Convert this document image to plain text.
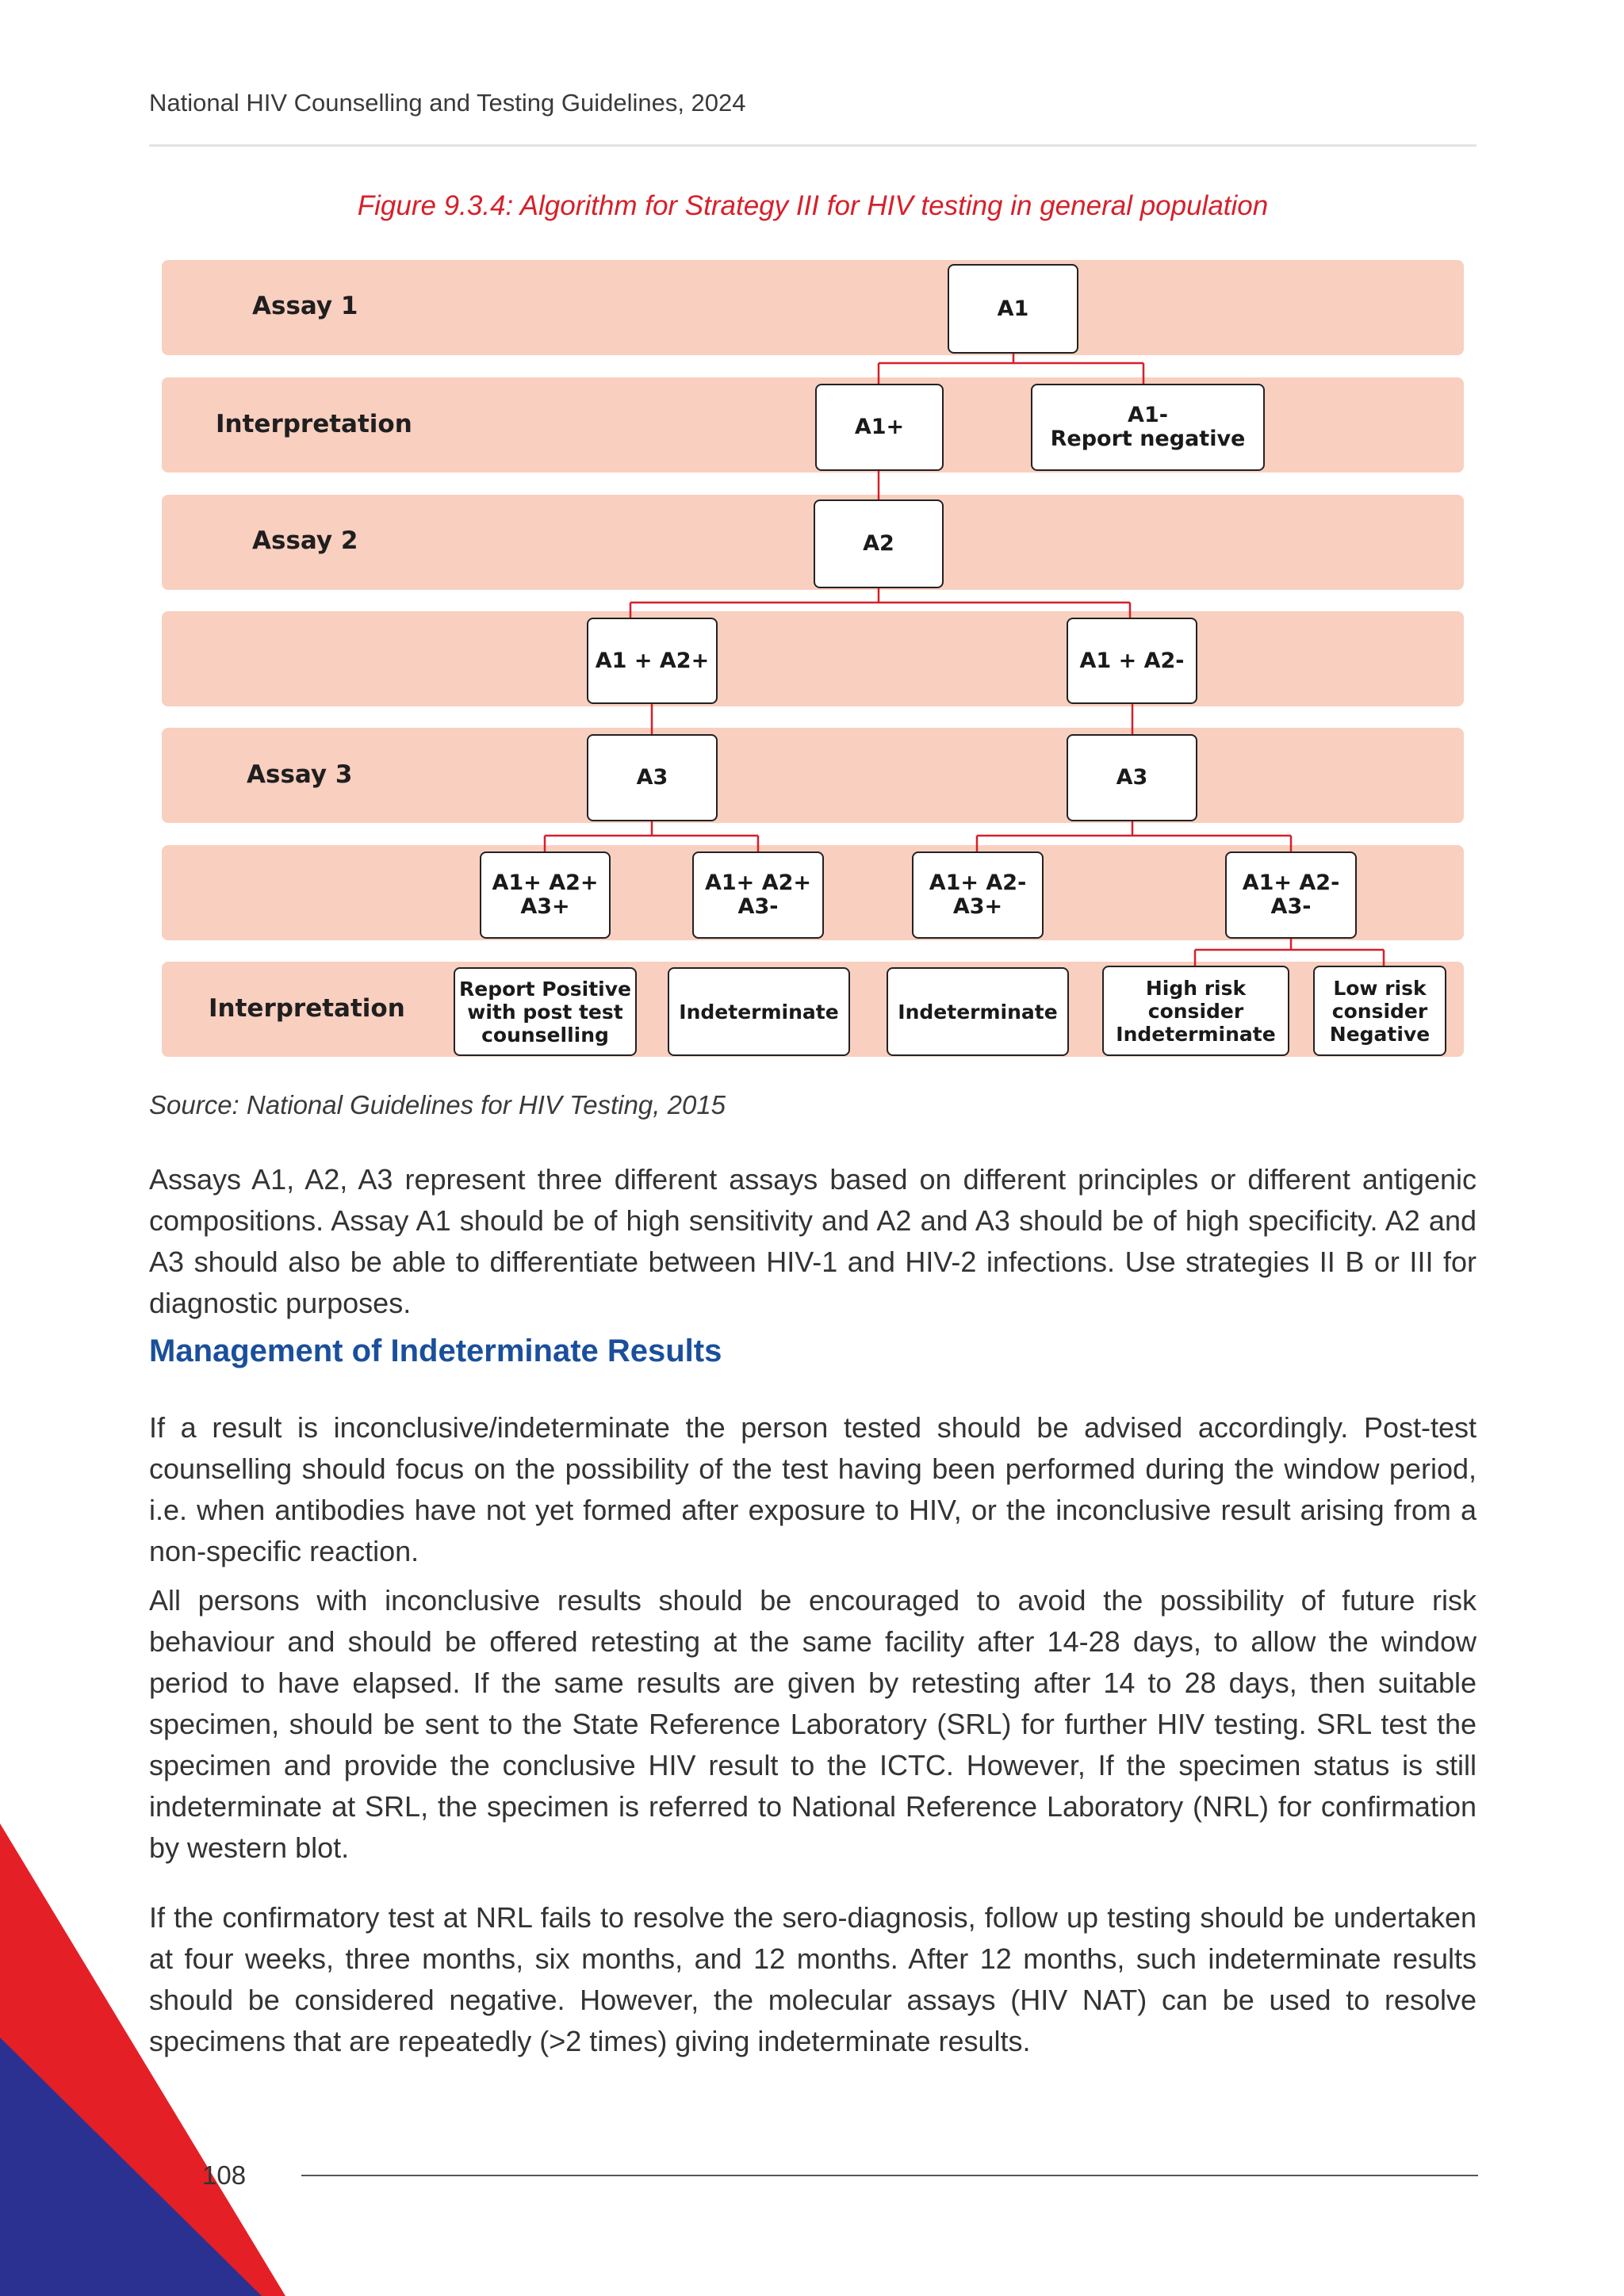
National HIV Counselling and Testing Guidelines, 2024
Figure 9.3.4: Algorithm for Strategy III for HIV testing in general population
Assay 1
Interpretation
Assay 2
Assay 3
Interpretation
A1
A1+	A1-
Report negative
A2
A1 + A2+	A1 + A2-
A3	A3
A1+ A2+
A3+
A1+ A2+
A3-
A1+ A2-
A3+
A1+ A2-
A3-
Report Positive
with post test
counselling
Indeterminate	Indeterminate
High risk
consider
Indeterminate
Low risk
consider
Negative
Source: National Guidelines for HIV Testing, 2015
Assays A1, A2, A3 represent three different assays based on different principles or different antigenic compositions. Assay A1 should be of high sensitivity and A2 and A3 should be of high specificity. A2 and A3 should also be able to differentiate between HIV-1 and HIV-2 infections. Use strategies II B or III for diagnostic purposes.
Management of Indeterminate Results
If a result is inconclusive/indeterminate the person tested should be advised accordingly. Post-test counselling should focus on the possibility of the test having been performed during the window period, i.e. when antibodies have not yet formed after exposure to HIV, or the inconclusive result arising from a non-specific reaction.
All persons with inconclusive results should be encouraged to avoid the possibility of future risk behaviour and should be offered retesting at the same facility after 14-28 days, to allow the window period to have elapsed. If the same results are given by retesting after 14 to 28 days, then suitable specimen, should be sent to the State Reference Laboratory (SRL) for further HIV testing. SRL test the specimen and provide the conclusive HIV result to the ICTC. However, If the specimen status is still indeterminate at SRL, the specimen is referred to National Reference Laboratory (NRL) for confirmation by western blot.
If the confirmatory test at NRL fails to resolve the sero-diagnosis, follow up testing should be undertaken at four weeks, three months, six months, and 12 months. After 12 months, such indeterminate results should be considered negative. However, the molecular assays (HIV NAT) can be used to resolve specimens that are repeatedly (>2 times) giving indeterminate results.
108
